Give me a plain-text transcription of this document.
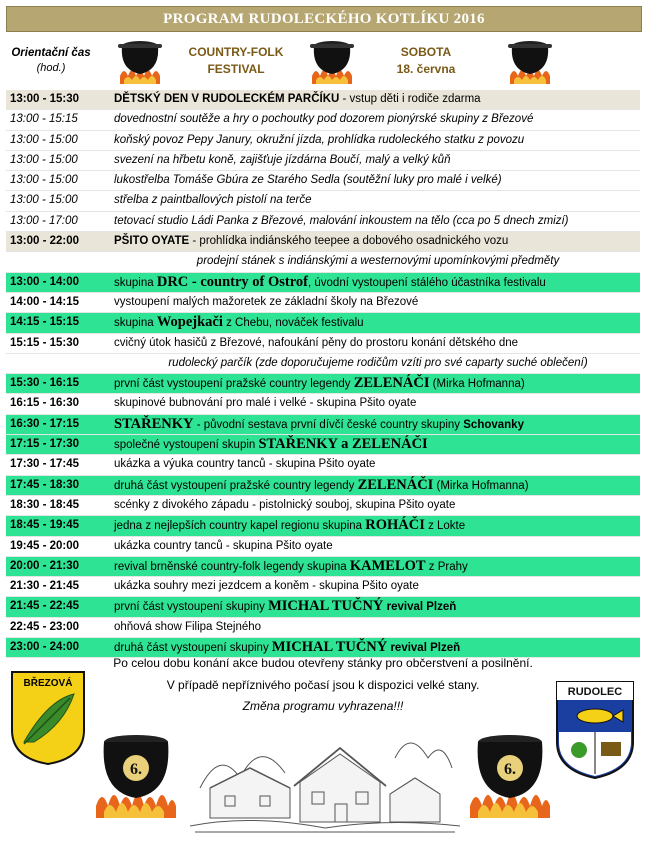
PROGRAM RUDOLECKÉHO KOTLÍKU 2016
Orientační čas
(hod.)
COUNTRY-FOLK
FESTIVAL
SOBOTA
18. června
13:00 - 15:30	DĚTSKÝ DEN V RUDOLECKÉM PARČÍKU - vstup děti i rodiče zdarma
13:00 - 15:15	dovednostní soutěže a hry o pochoutky pod dozorem pionýrské skupiny z Březové
13:00 - 15:00	koňský povoz Pepy Janury, okružní jízda, prohlídka rudoleckého statku z povozu
13:00 - 15:00	svezení na hřbetu koně, zajišťuje jízdárna Boučí, malý a velký kůň
13:00 - 15:00	lukostřelba Tomáše Gbúra ze Starého Sedla (soutěžní luky pro malé i velké)
13:00 - 15:00	střelba z paintballových pistolí na terče
13:00 - 17:00	tetovací studio Ládi Panka z Březové, malování inkoustem na tělo (cca po 5 dnech zmizí)
13:00 - 22:00	PŠITO OYATE - prohlídka indiánského teepee a dobového osadnického vozu
prodejní stánek s indiánskými a westernovými upomínkovými předměty
13:00 - 14:00	skupina DRC - country of Ostrof, úvodní vystoupení stálého účastníka festivalu
14:00 - 14:15	vystoupení malých mažoretek ze základní školy na Březové
14:15 - 15:15	skupina Wopejkači z Chebu, nováček festivalu
15:15 - 15:30	cvičný útok hasičů z Březové, nafoukání pěny do prostoru konání dětského dne
rudolecký parčík (zde doporučujeme rodičům vzíti pro své caparty suché oblečení)
15:30 - 16:15	první část vystoupení pražské country legendy ZELENÁČI (Mirka Hofmanna)
16:15 - 16:30	skupinové bubnování pro malé i velké - skupina Pšito oyate
16:30 - 17:15	STAŘENKY - původní sestava první dívčí české country skupiny Schovanky
17:15 - 17:30	společné vystoupení skupin STAŘENKY a ZELENÁČI
17:30 - 17:45	ukázka a výuka country tanců - skupina Pšito oyate
17:45 - 18:30	druhá část vystoupení pražské country legendy ZELENÁČI (Mirka Hofmanna)
18:30 - 18:45	scénky z divokého západu - pistolnický souboj, skupina Pšito oyate
18:45 - 19:45	jedna z nejlepších country kapel regionu skupina ROHÁČI z Lokte
19:45 - 20:00	ukázka country tanců - skupina Pšito oyate
20:00 - 21:30	revival brněnské country-folk legendy skupina KAMELOT z Prahy
21:30 - 21:45	ukázka souhry mezi jezdcem a koněm - skupina Pšito oyate
21:45 - 22:45	první část vystoupení skupiny MICHAL TUČNÝ revival Plzeň
22:45 - 23:00	ohňová show Filipa Stejného
23:00 - 24:00	druhá část vystoupení skupiny MICHAL TUČNÝ revival Plzeň
Po celou dobu konání akce budou otevřeny stánky pro občerstvení a posilnění.
V případě nepříznivého počasí jsou k dispozici velké stany.
Změna programu vyhrazena!!!
BŘEZOVÁ
RUDOLEC
6.	6.
